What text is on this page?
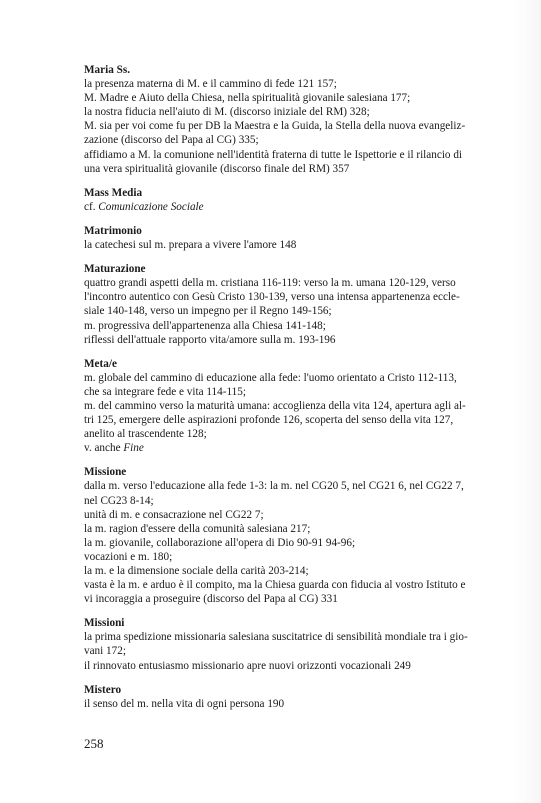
Maria Ss.
la presenza materna di M. e il cammino di fede 121 157;
M. Madre e Aiuto della Chiesa, nella spiritualità giovanile salesiana 177;
la nostra fiducia nell'aiuto di M. (discorso iniziale del RM) 328;
M. sia per voi come fu per DB la Maestra e la Guida, la Stella della nuova evangeliz-
zazione (discorso del Papa al CG) 335;
affidiamo a M. la comunione nell'identità fraterna di tutte le Ispettorie e il rilancio di
una vera spiritualità giovanile (discorso finale del RM) 357
Mass Media
cf. Comunicazione Sociale
Matrimonio
la catechesi sul m. prepara a vivere l'amore 148
Maturazione
quattro grandi aspetti della m. cristiana 116-119: verso la m. umana 120-129, verso
l'incontro autentico con Gesù Cristo 130-139, verso una intensa appartenenza eccle-
siale 140-148, verso un impegno per il Regno 149-156;
m. progressiva dell'appartenenza alla Chiesa 141-148;
riflessi dell'attuale rapporto vita/amore sulla m. 193-196
Meta/e
m. globale del cammino di educazione alla fede: l'uomo orientato a Cristo 112-113,
che sa integrare fede e vita 114-115;
m. del cammino verso la maturità umana: accoglienza della vita 124, apertura agli al-
tri 125, emergere delle aspirazioni profonde 126, scoperta del senso della vita 127,
anelito al trascendente 128;
v. anche Fine
Missione
dalla m. verso l'educazione alla fede 1-3: la m. nel CG20 5, nel CG21 6, nel CG22 7,
nel CG23 8-14;
unità di m. e consacrazione nel CG22 7;
la m. ragion d'essere della comunità salesiana 217;
la m. giovanile, collaborazione all'opera di Dio 90-91 94-96;
vocazioni e m. 180;
la m. e la dimensione sociale della carità 203-214;
vasta è la m. e arduo è il compito, ma la Chiesa guarda con fiducia al vostro Istituto e
vi incoraggia a proseguire (discorso del Papa al CG) 331
Missioni
la prima spedizione missionaria salesiana suscitatrice di sensibilità mondiale tra i gio-
vani 172;
il rinnovato entusiasmo missionario apre nuovi orizzonti vocazionali 249
Mistero
il senso del m. nella vita di ogni persona 190
258
